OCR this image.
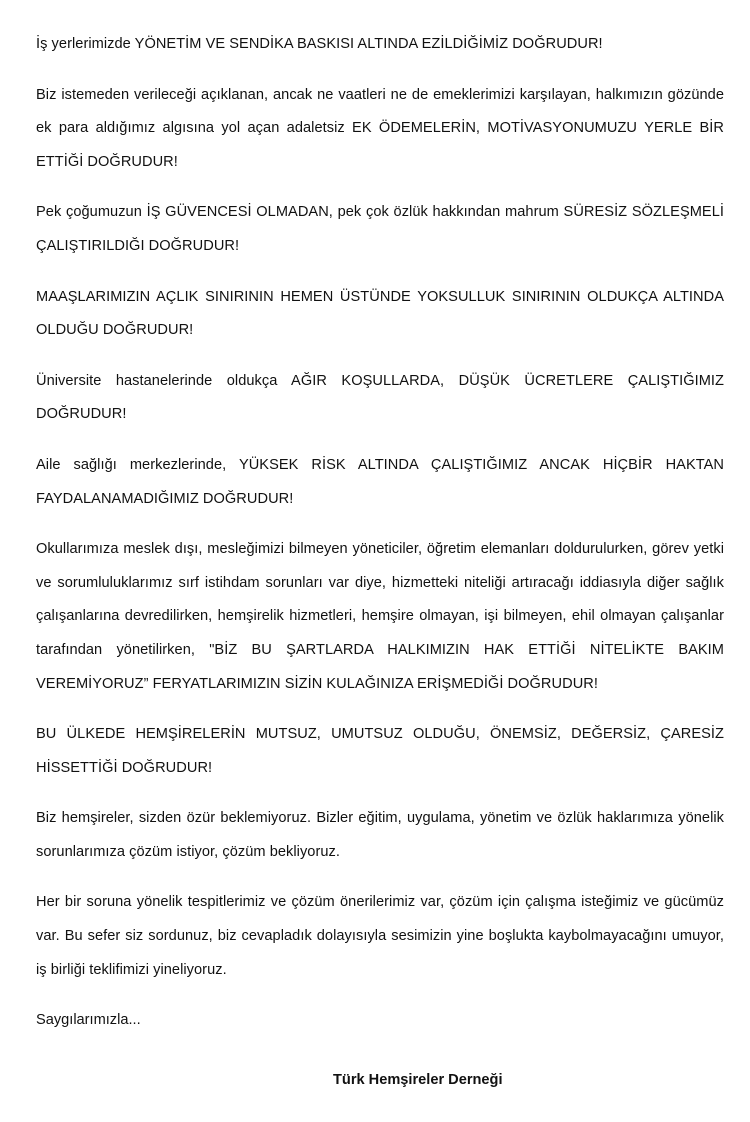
İş yerlerimizde YÖNETİM VE SENDİKA BASKISI ALTINDA EZİLDİĞİMİZ DOĞRUDUR!

Biz istemeden verileceği açıklanan, ancak ne vaatleri ne de emeklerimizi karşılayan, halkımızın gözünde ek para aldığımız algısına yol açan adaletsiz EK ÖDEMELERİN, MOTİVASYONUMUZU YERLE BİR ETTİĞİ DOĞRUDUR!

Pek çoğumuzun İŞ GÜVENCESİ OLMADAN, pek çok özlük hakkından mahrum SÜRESİZ SÖZLEŞMELİ ÇALIŞTIRILDIĞI DOĞRUDUR!

MAAŞLARIMIZIN AÇLIK SINIRININ HEMEN ÜSTÜNDE YOKSULLUK SINIRININ OLDUKÇA ALTINDA OLDUĞU DOĞRUDUR!

Üniversite hastanelerinde oldukça AĞIR KOŞULLARDA, DÜŞÜK ÜCRETLERE ÇALIŞTIĞIMIZ DOĞRUDUR!

Aile sağlığı merkezlerinde, YÜKSEK RİSK ALTINDA ÇALIŞTIĞIMIZ ANCAK HİÇBİR HAKTAN FAYDALANAMADIĞIMIZ DOĞRUDUR!

Okullarımıza meslek dışı, mesleğimizi bilmeyen yöneticiler, öğretim elemanları doldurulurken, görev yetki ve sorumluluklarımız sırf istihdam sorunları var diye, hizmetteki niteliği artıracağı iddiasıyla diğer sağlık çalışanlarına devredilirken, hemşirelik hizmetleri, hemşire olmayan, işi bilmeyen, ehil olmayan çalışanlar tarafından yönetilirken, "BİZ BU ŞARTLARDA HALKIMIZIN HAK ETTİĞİ NİTELİKTE BAKIM VEREMİYORUZ” FERYATLARIMIZIN SİZİN KULAĞINIZA ERİŞMEDİĞİ DOĞRUDUR!

BU ÜLKEDE HEMŞİRELERİN MUTSUZ, UMUTSUZ OLDUĞU, ÖNEMSİZ, DEĞERSİZ, ÇARESİZ HİSSETTİĞİ DOĞRUDUR!

Biz hemşireler, sizden özür beklemiyoruz. Bizler eğitim, uygulama, yönetim ve özlük haklarımıza yönelik sorunlarımıza çözüm istiyor, çözüm bekliyoruz.

Her bir soruna yönelik tespitlerimiz ve çözüm önerilerimiz var, çözüm için çalışma isteğimiz ve gücümüz var. Bu sefer siz sordunuz, biz cevapladık dolayısıyla sesimizin yine boşlukta kaybolmayacağını umuyor, iş birliği teklifimizi yineliyoruz.

Saygılarımızla...

Türk Hemşireler Derneği
